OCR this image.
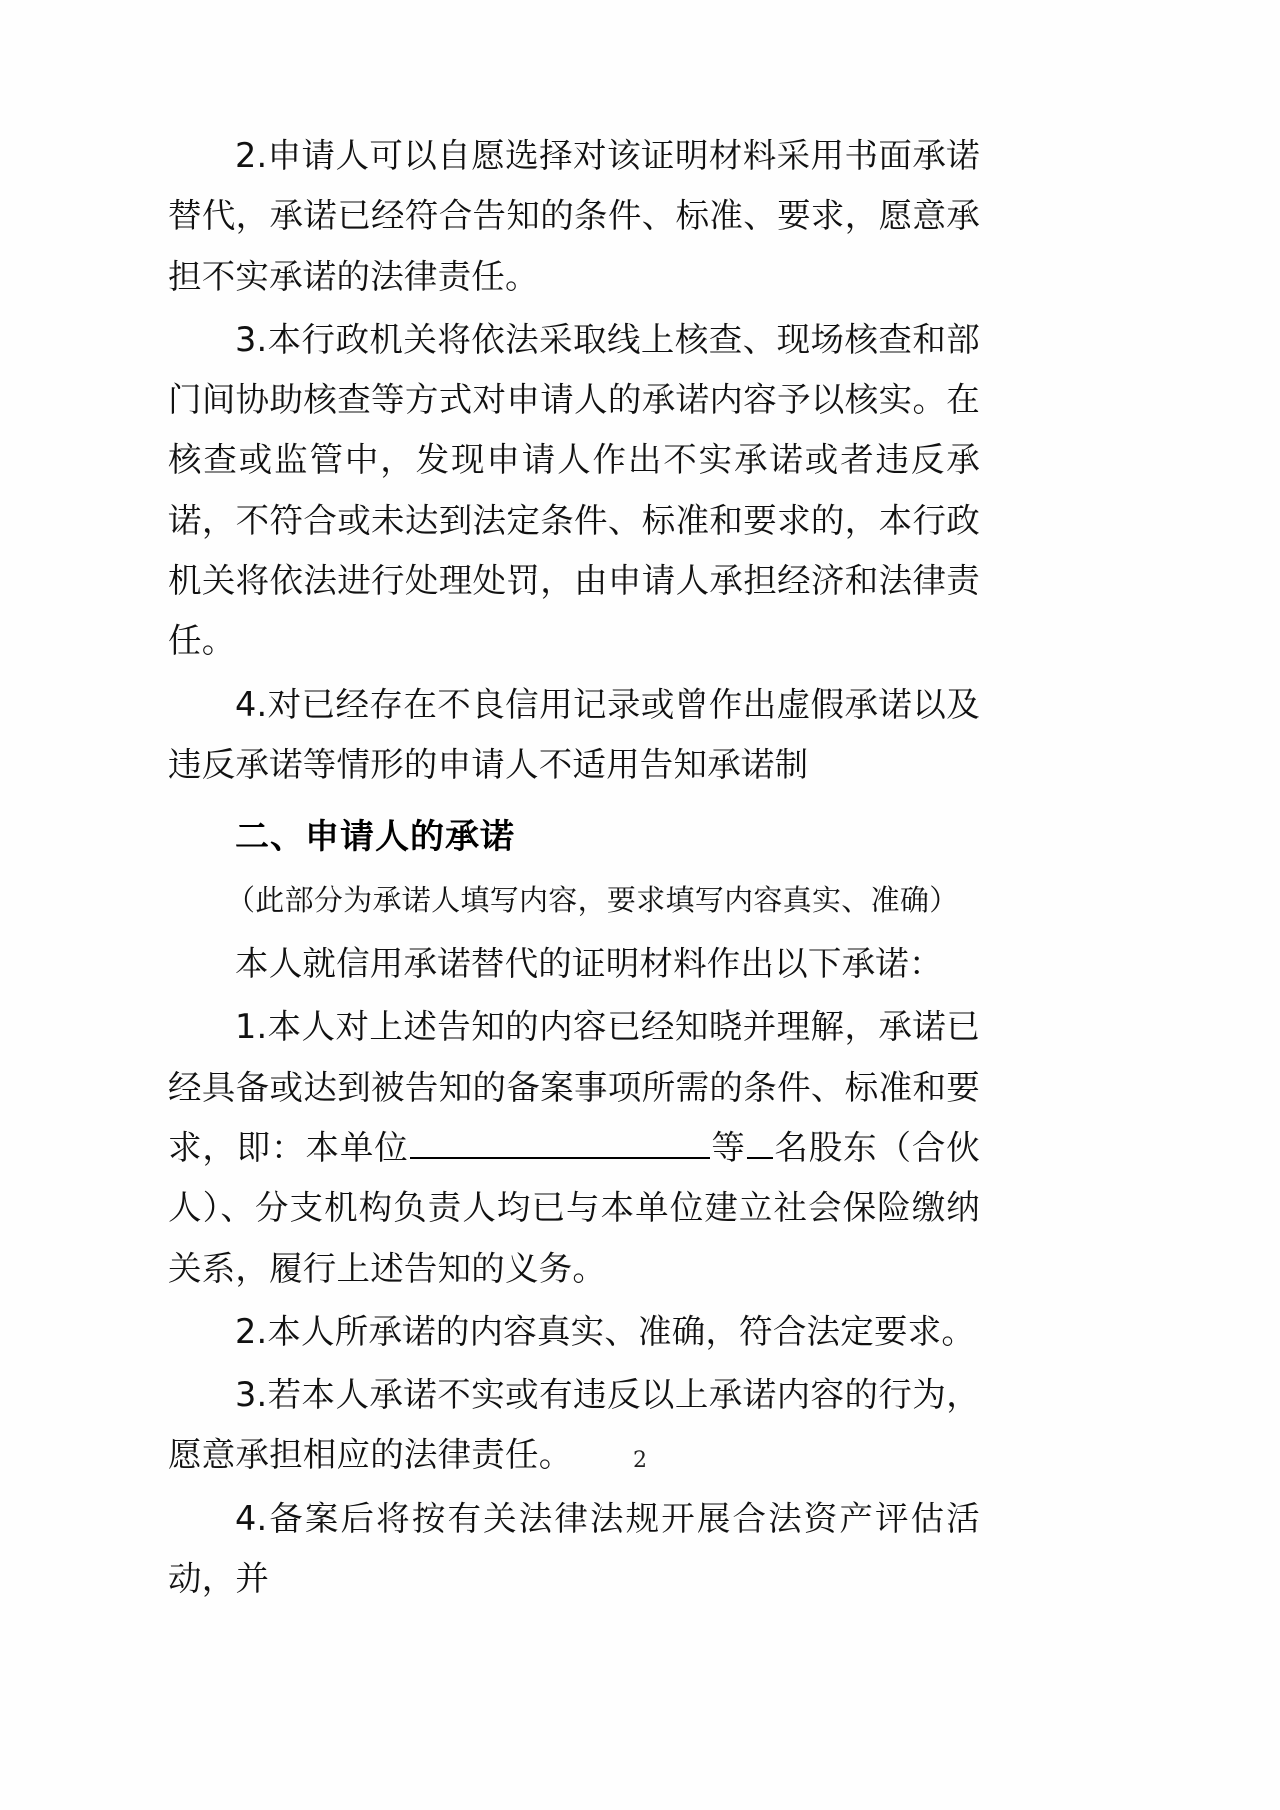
2.申请人可以自愿选择对该证明材料采用书面承诺替代，承诺已经符合告知的条件、标准、要求，愿意承担不实承诺的法律责任。

3.本行政机关将依法采取线上核查、现场核查和部门间协助核查等方式对申请人的承诺内容予以核实。在核查或监管中，发现申请人作出不实承诺或者违反承诺，不符合或未达到法定条件、标准和要求的，本行政机关将依法进行处理处罚，由申请人承担经济和法律责任。

4.对已经存在不良信用记录或曾作出虚假承诺以及违反承诺等情形的申请人不适用告知承诺制

二、申请人的承诺

（此部分为承诺人填写内容，要求填写内容真实、准确）

本人就信用承诺替代的证明材料作出以下承诺：

1.本人对上述告知的内容已经知晓并理解，承诺已经具备或达到被告知的备案事项所需的条件、标准和要求，即：本单位	等 名股东（合伙人）、分支机构负责人均已与本单位建立社会保险缴纳关系，履行上述告知的义务。

2.本人所承诺的内容真实、准确，符合法定要求。

3.若本人承诺不实或有违反以上承诺内容的行为，愿意承担相应的法律责任。

4.备案后将按有关法律法规开展合法资产评估活动，并

2
